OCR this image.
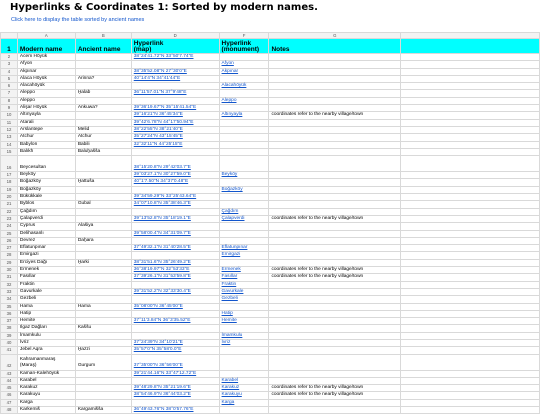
Hyperlinks & Coordinates 1: Sorted by modern names.
Click here to display the table sorted by ancient names
	A	B	D	F	G	
1	Modern name	Ancient name	Hyperlink
(map)	Hyperlink
(monument)	Notes	
2	Acem Höyük		38°24'41.72"N 33°50'7.74"E			
3	Afyon			Afyon		
4	Akpınar		38°35'52.08"N 27°30'0"E	Akpınar		
5	Alaca Höyük	Arinna?	40°14'4"N 34°41'44"E			
6	Alacahöyük			Alacahöyük		
7	Aleppo	Ḫalab	36°11'57.01"N 37°9'48"E			
8	Aleppo			Aleppo		
9	Alişar Höyük	Ankuwa?	39°36'19.67"N 35°15'41.54"E			
10	Altınyayla		39°16'21"N 36°45'34"E	Altınyayla	coordinates refer to the nearby village/town	
11	Atarali		39°42'6.78"N 44°17'50.94"E			
12	Arslantepe	Melid	38°22'55"N 38°21'40"E			
13	Atchur	Atchur	35°27'24"N 43°15'45"E			
14	Babylon	Babili	32°32'11"N 44°25'15"E			
15	Balıkh	Baluḫašša				
16	Beycesultan		38°15'20.8"N 29°42'03.7"E			
17	Beyköy		39°03'27.1"N 30°27'59.0"E	Beyköy		
18	Boğazköy	Ḫattuša	40°1'7.50"N 34°37'0.48"E			
19	Boğazköy			Boğazköy		
20	Bükükkale		39°34'59.29"N 33°25'43.64"E			
21	Byblos	Gubal	34°07'10.8"N 35°38'46.3"E			
22	Çağdım			Çağdım		
23	Çalapverdi		39°13'52.8"N 35°18'19.1"E	Çalapverdi	coordinates refer to the nearby village/town	
24	Cyprus	Alašiya				
25	Delihasanlı		39°58'00.4"N 34°31'09.7"E			
26	Devrez	Daḫara				
27	Eflatunpınar		37°49'32.1"N 31°40'28.5"E	Eflatunpınar		
28	Emirgazi			Emirgazi		
29	Erciyes Dağı	Ḫarki	38°31'51.6"N 35°26'49.2"E			
30	Ermenek		36°38'19.97"N 32°53'33"E	Ermenek	coordinates refer to the nearby village/town	
31	Fasıllar		37°39'26.1"N 31°53'59.8"E	Fasıllar	coordinates refer to the nearby village/town	
32	Fraktin			Fraktin		
33	Gavurkale		39°31'52.2"N 32°33'30.4"E	Gavurkale		
34	Gezbeli			Gezbeli		
35	Hama	Hama	35°08'00"N 36°45'00"E			
36	Hatip			Hatip		
37	Hemite		37°11'3.84"N 36°3'35.52"E	Hemite		
38	Ilgaz Dağları	Kaššu				
39	İmamkulu			İmamkulu		
40	İvriz		37°24'39"N 34°10'21"E	İvriz		
41	Jebel Aqra	Ḫazzi	35°57'0"N 35°58'0.0"E			
42	Kahramanmaraş
(Maraş)	Gurgum	37°35'00"N 36°56'00"E			
43	Kaman-Kalehöyük		39°21'44.16"N 33°47'12.72"E			
44	Karabel			Karabel		
45	Karakuz		39°48'29.8"N 35°21'19.6"E	Karakuz	coordinates refer to the nearby village/town	
46	Karakuyu		38°54'46.9"N 36°44'03.2"E	Karakuyu	coordinates refer to the nearby village/town	
47	Karga			Karga		
48	Karkemiš	Kargamišša	36°49'43.76"N 38°0'57.76"E			
